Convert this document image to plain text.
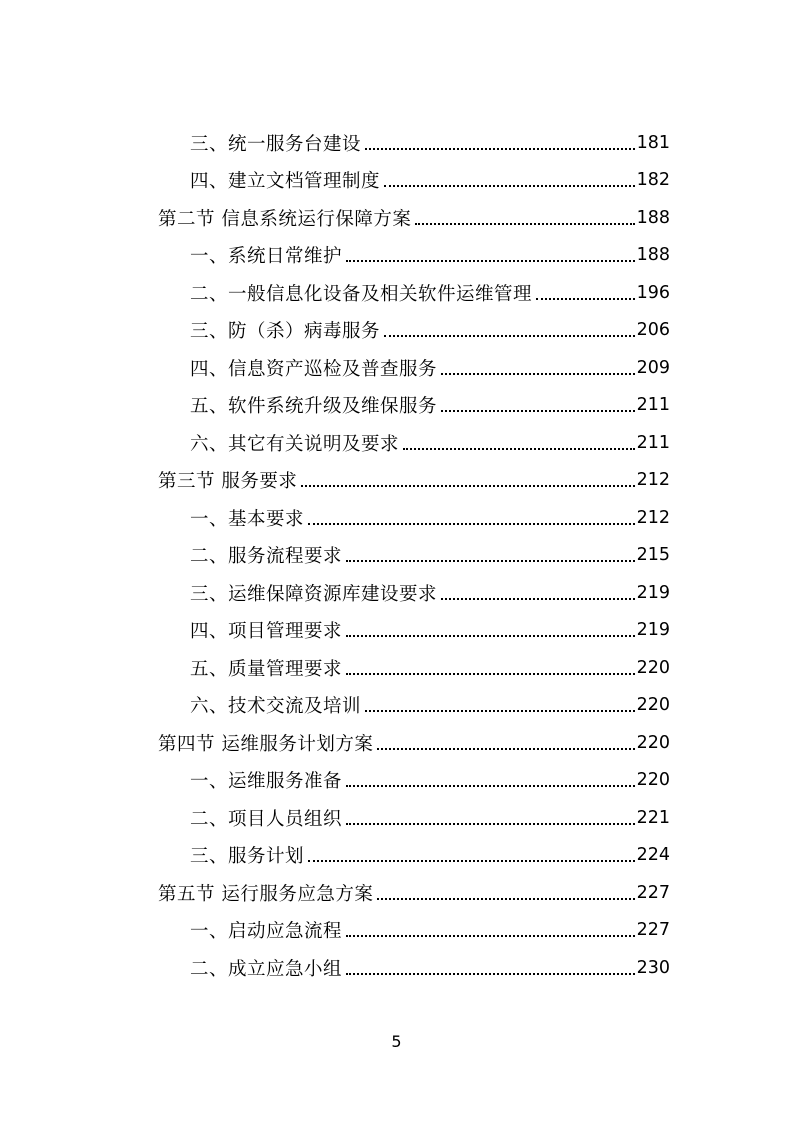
三、统一服务台建设	181
四、建立文档管理制度	182
第二节 信息系统运行保障方案	188
一、系统日常维护	188
二、一般信息化设备及相关软件运维管理	196
三、防（杀）病毒服务	206
四、信息资产巡检及普查服务	209
五、软件系统升级及维保服务	211
六、其它有关说明及要求	211
第三节 服务要求	212
一、基本要求	212
二、服务流程要求	215
三、运维保障资源库建设要求	219
四、项目管理要求	219
五、质量管理要求	220
六、技术交流及培训	220
第四节 运维服务计划方案	220
一、运维服务准备	220
二、项目人员组织	221
三、服务计划	224
第五节 运行服务应急方案	227
一、启动应急流程	227
二、成立应急小组	230
5
